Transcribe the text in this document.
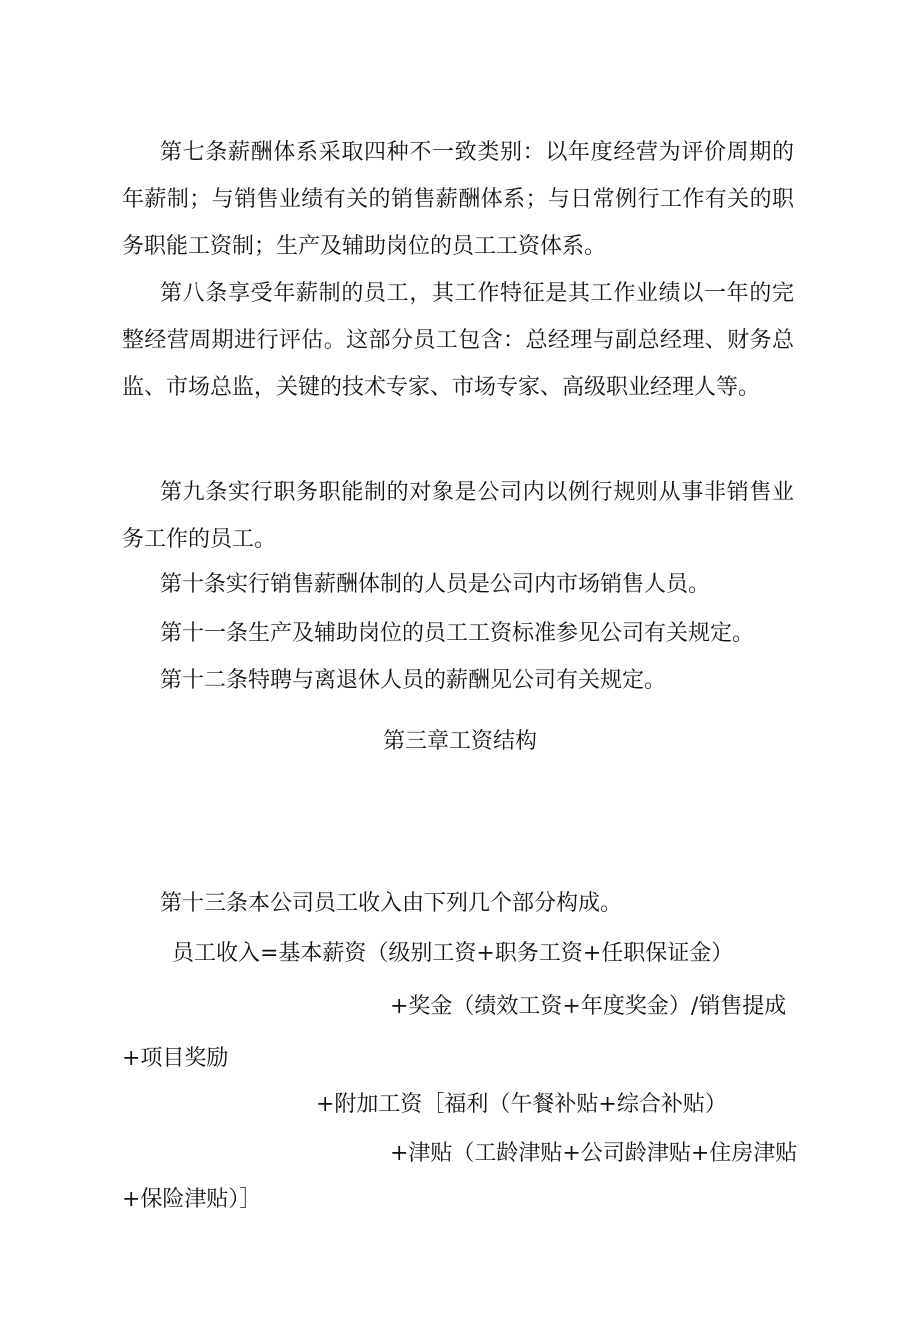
第七条薪酬体系采取四种不一致类别：以年度经营为评价周期的年薪制；与销售业绩有关的销售薪酬体系；与日常例行工作有关的职务职能工资制；生产及辅助岗位的员工工资体系。

第八条享受年薪制的员工，其工作特征是其工作业绩以一年的完整经营周期进行评估。这部分员工包含：总经理与副总经理、财务总监、市场总监，关键的技术专家、市场专家、高级职业经理人等。

第九条实行职务职能制的对象是公司内以例行规则从事非销售业务工作的员工。

第十条实行销售薪酬体制的人员是公司内市场销售人员。

第十一条生产及辅助岗位的员工工资标准参见公司有关规定。

第十二条特聘与离退休人员的薪酬见公司有关规定。

第三章工资结构

第十三条本公司员工收入由下列几个部分构成。

员工收入=基本薪资（级别工资+职务工资+任职保证金）

+奖金（绩效工资+年度奖金）/销售提成

+项目奖励

+附加工资［福利（午餐补贴+综合补贴）

+津贴（工龄津贴+公司龄津贴+住房津贴

+保险津贴）］
